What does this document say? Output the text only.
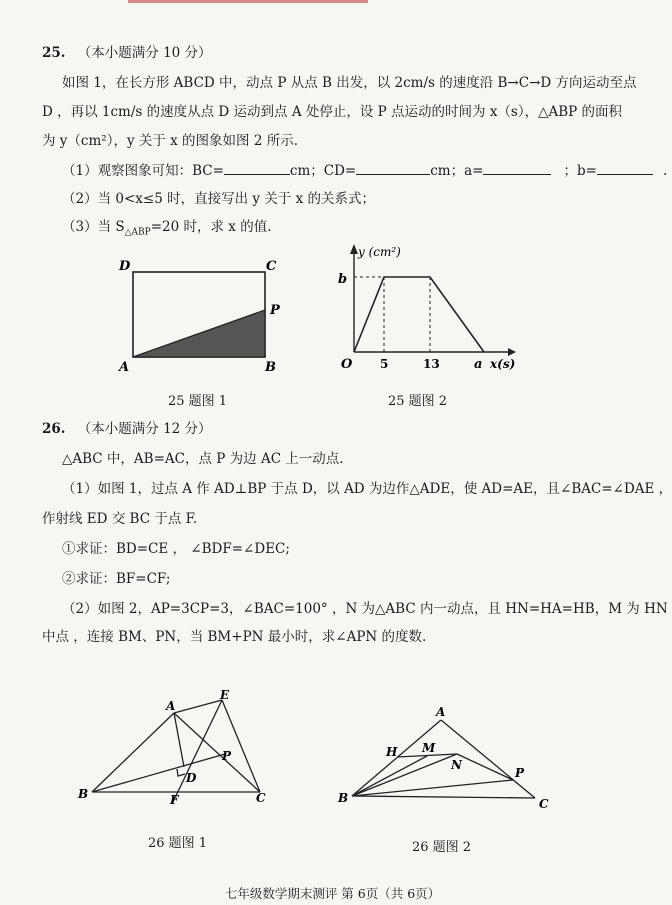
25. （本小题满分 10 分）
如图 1，在长方形 ABCD 中，动点 P 从点 B 出发，以 2cm/s 的速度沿 B→C→D 方向运动至点
D ，再以 1cm/s 的速度从点 D 运动到点 A 处停止，设 P 点运动的时间为 x（s），△ABP 的面积
为 y（cm²），y 关于 x 的图象如图 2 所示.
（1）观察图象可知：BC=	cm；CD=	cm；a=	；b=	.
（2）当 0<x≤5 时，直接写出 y 关于 x 的关系式；
（3）当 $S_{\triangle ABP}=20$ 时，求 x 的值.
D	C
A	B
P
y (cm²)
b
O 5	13	a x(s)
25 题图 1	25 题图 2
26. （本小题满分 12 分）
△ABC 中，AB=AC，点 P 为边 AC 上一动点.
（1）如图 1，过点 A 作 AD⊥BP 于点 D，以 AD 为边作△ADE，使 AD=AE，且∠BAC=∠DAE ，
作射线 ED 交 BC 于点 F.
①求证：BD=CE ， ∠BDF=∠DEC;
②求证：BF=CF;
（2）如图 2，AP=3CP=3，∠BAC=100° ，N 为△ABC 内一动点，且 HN=HA=HB，M 为 HN
中点 ，连接 BM、PN，当 BM+PN 最小时，求∠APN 的度数.
A
E
B	C
D
P
F
A
H M
N
P
B	C
26 题图 1	26 题图 2
七年级数学期末测评 第 6页（共 6页）
